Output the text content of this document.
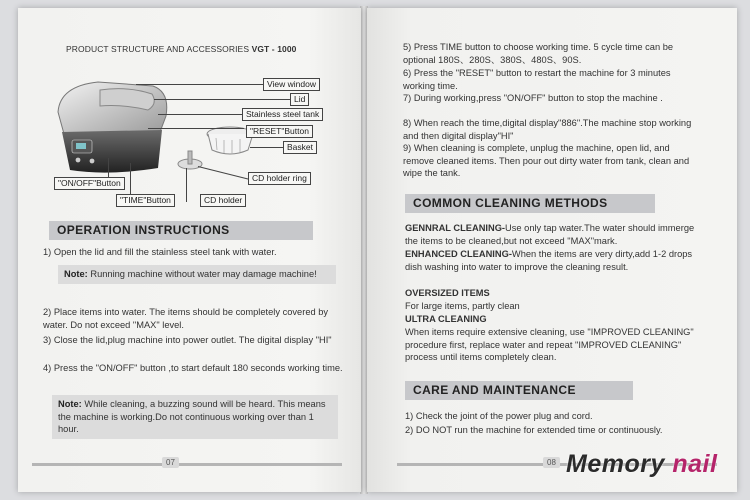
PRODUCT STRUCTURE AND ACCESSORIES VGT - 1000
View window
Lid
Stainless steel tank
"RESET"Button
Basket
"ON/OFF"Button	CD holder ring
"TIME"Button	CD holder
OPERATION INSTRUCTIONS
1) Open the lid and fill the stainless steel tank with water.
Note: Running machine without water may damage machine!
2) Place items into water. The items should be completely covered by water. Do not exceed "MAX" level.
3) Close the lid,plug machine into power outlet. The digital display "HI"
4) Press the "ON/OFF" button ,to start default 180 seconds working time.
Note: While cleaning, a buzzing sound will be heard. This means the machine is working.Do not continuous working over than 1 hour.
07
5) Press TIME button to choose working time. 5 cycle time can be optional 180S、280S、380S、480S、90S.
6) Press the "RESET" button to restart the machine for 3 minutes working time.
7) During working,press "ON/OFF" button to stop the machine .
8) When reach the time,digital display"886".The machine stop working and then digital display"HI"
9) When cleaning is complete, unplug the machine, open lid, and remove cleaned items. Then pour out dirty water from tank, clean and wipe the tank.
COMMON CLEANING METHODS
GENNRAL CLEANING-Use only tap water.The water should immerge the items to be cleaned,but not exceed "MAX"mark.
ENHANCED CLEANING-When the items are very dirty,add 1-2 drops dish washing into water to improve the cleaning result.
OVERSIZED ITEMS
For large items, partly clean
ULTRA CLEANING
When items require extensive cleaning, use "IMPROVED CLEANING" procedure first, replace water and repeat "IMPROVED CLEANING" process until items completely clean.
CARE AND MAINTENANCE
1) Check the joint of the power plug and cord.
2) DO NOT run the machine for extended time or continuously.
08 Memory nail
